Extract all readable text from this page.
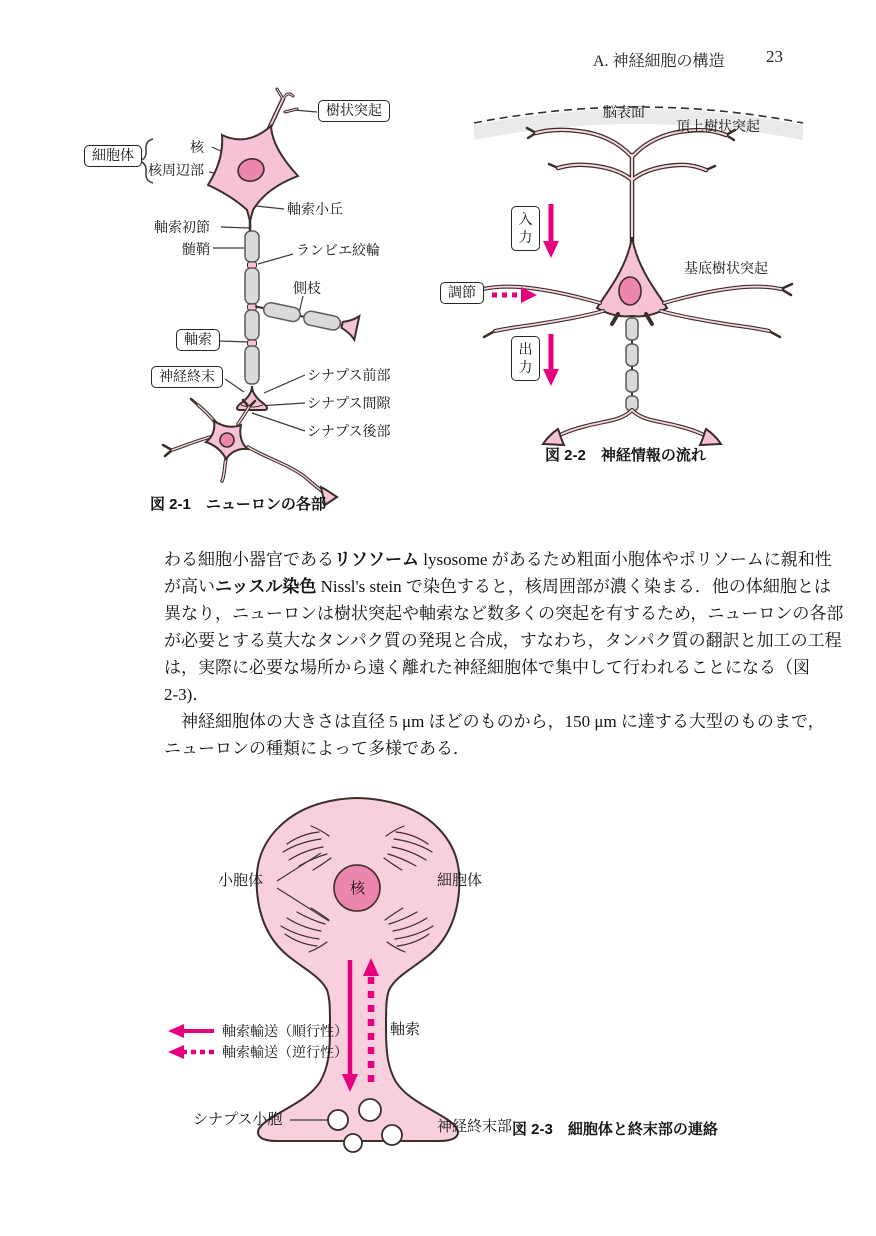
A. 神経細胞の構造 23
樹状突起
細胞体	核
核周辺部
軸索小丘
軸索初節
髄鞘	ランビエ絞輪
側枝
軸索
神経終末	シナプス前部
シナプス間隙
シナプス後部
図 2-1　ニューロンの各部
脳表面
頂上樹状突起
入力
調節
基底樹状突起
出力
図 2-2　神経情報の流れ
小胞体	核	細胞体
軸索
軸索輸送（順行性）
軸索輸送（逆行性）
シナプス小胞	神経終末部 図 2-3　細胞体と終末部の連絡
わる細胞小器官であるリソソーム lysosome があるため粗面小胞体やポリソームに親和性
が高いニッスル染色 Nissl's stein で染色すると，核周囲部が濃く染まる．他の体細胞とは
異なり，ニューロンは樹状突起や軸索など数多くの突起を有するため，ニューロンの各部
が必要とする莫大なタンパク質の発現と合成，すなわち，タンパク質の翻訳と加工の工程
は，実際に必要な場所から遠く離れた神経細胞体で集中して行われることになる（図
2-3)．
　神経細胞体の大きさは直径 5 μm ほどのものから，150 μm に達する大型のものまで，
ニューロンの種類によって多様である．
